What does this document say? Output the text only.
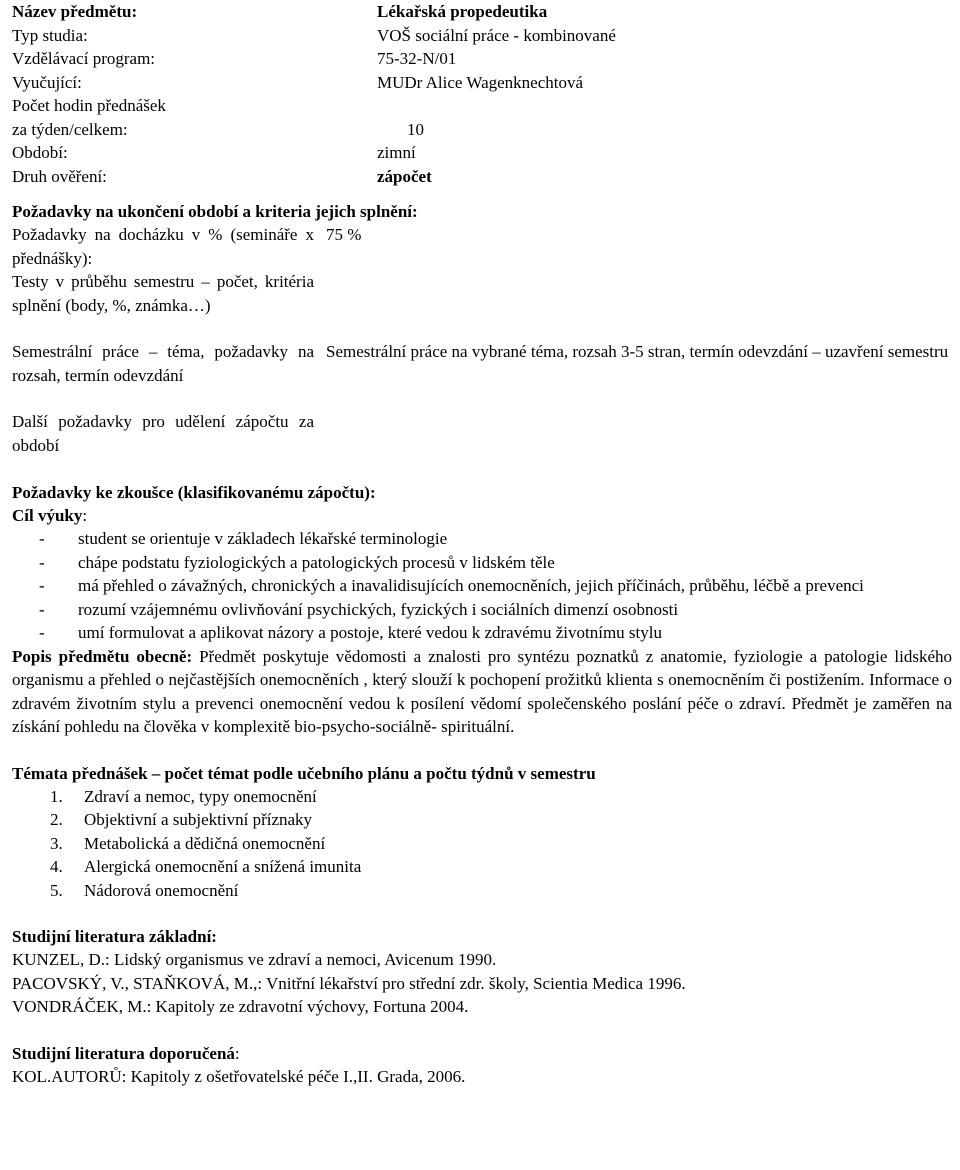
Název předmětu:	Lékařská propedeutika
Typ studia:	VOŠ sociální práce - kombinované
Vzdělávací program:	75-32-N/01
Vyučující:	MUDr Alice Wagenknechtová
Počet hodin přednášek
za týden/celkem:	10
Období:	zimní
Druh ověření:	zápočet
Požadavky na ukončení období a kriteria jejich splnění:
Požadavky na docházku v % (semináře x přednášky):	75 %
Testy v průběhu semestru – počet, kritéria splnění (body, %, známka…)	
Semestrální práce – téma, požadavky na rozsah, termín odevzdání	Semestrální práce na vybrané téma, rozsah 3-5 stran, termín odevzdání – uzavření semestru
Další požadavky pro udělení zápočtu za období	
Požadavky ke zkoušce (klasifikovanému zápočtu):
Cíl výuky:
- student se orientuje v základech lékařské terminologie
- chápe podstatu fyziologických a patologických procesů v lidském těle
- má přehled o závažných, chronických a inavalidisujících onemocněních, jejich příčinách, průběhu, léčbě a prevenci
- rozumí vzájemnému ovlivňování psychických, fyzických i sociálních dimenzí osobnosti
- umí formulovat a aplikovat názory a postoje, které vedou k zdravému životnímu stylu

Popis předmětu obecně: Předmět poskytuje vědomosti a znalosti pro syntézu poznatků z anatomie, fyziologie a patologie lidského organismu a přehled o nejčastějších onemocněních , který slouží k pochopení prožitků klienta s onemocněním či postižením. Informace o zdravém životním stylu a prevenci onemocnění vedou k posílení vědomí společenského poslání péče o zdraví. Předmět je zaměřen na získání pohledu na člověka v komplexitě bio-psycho-sociálně- spirituální.

Témata přednášek – počet témat podle učebního plánu a počtu týdnů v semestru
1. Zdraví a nemoc, typy onemocnění
2. Objektivní a subjektivní příznaky
3. Metabolická a dědičná onemocnění
4. Alergická onemocnění a snížená imunita
5. Nádorová onemocnění
Studijní literatura základní:
KUNZEL, D.: Lidský organismus ve zdraví a nemoci, Avicenum 1990.
PACOVSKÝ, V., STAŇKOVÁ, M.,: Vnitřní lékařství pro střední zdr. školy, Scientia Medica 1996.
VONDRÁČEK, M.: Kapitoly ze zdravotní výchovy, Fortuna 2004.
Studijní literatura doporučená:
KOL.AUTORŮ: Kapitoly z ošetřovatelské péče I.,II. Grada, 2006.
